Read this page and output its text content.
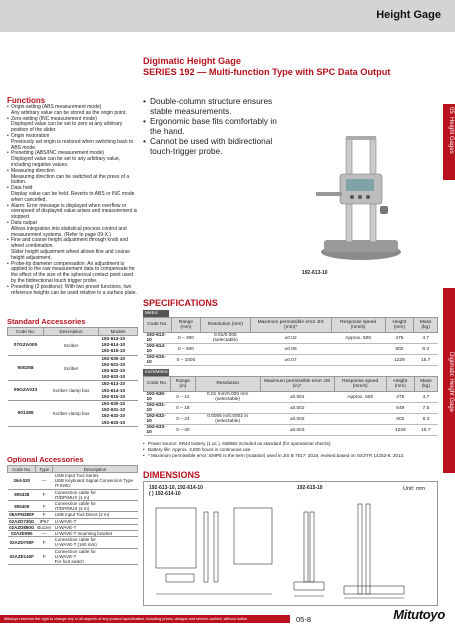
Height Gage
05

Height Gages
Digimatic Height Gage
Digimatic Height Gage
SERIES 192 — Multi-function Type with SPC Data Output
• Double-column structure ensures stable measurements.
• Ergonomic base fits comfortably in the hand.
• Cannot be used with bidirectional touch-trigger probe.
Functions
• Origin-setting (ABS measurement mode)
Any arbitrary value can be stored as the origin point.
• Zero-setting (INC measurement mode)
Displayed value can be set to zero at any arbitrary position of the slider.
• Origin restoration
Previously set origin is restored when switching back to ABS mode.
• Presetting (ABS/INC measurement mode)
Displayed value can be set to any arbitrary value, including negative values.
• Measuring direction
Measuring direction can be switched at the press of a button.
• Data hold
Display value can be held. Reverts to ABS or INC mode when cancelled.
• Alarm: Error message is displayed when overflow or overspeed of displayed value arises and measurement is stopped.
• Data output
Allows integration into statistical process control and measurement systems. (Refer to page 09-X.)
• Fine and coarse height adjustment through knob and wheel combination.
Slider height adjustment wheel allows fine and coarse height adjustment.
• Probe-tip diameter compensation: An adjustment is applied to the raw measurement data to compensate for the effect of the size of the spherical contact point used by the bidirectional touch trigger probe.
• Presetting (2 positions): With two preset functions, two reference heights can be used relative to a surface plate.
192-613-10
Standard Accessories
Code No.	Description	Models
07GZA000	Scriber	192-613-10
192-614-10
192-615-10

900258	Scriber	192-630-10
192-631-10
192-632-10
192-633-10

05GZA033	Scriber clamp box	192-613-10
192-614-10
192-615-10

901385	Scriber clamp box	192-630-10
192-631-10
192-632-10
192-633-10
Optional Accessories
Code No.	Type	Description
264-020	—	USB Input Tool Series
USB Keyboard Signal Conversion Type
IT-020U

905338	F	Connection cable for
IT/DP/MUX (1 m)

905409	F	Connection cable for
IT/DP/MUX (2 m)

06AFM380F	F	USB Input Tool Direct (2 m)

02AZD730G	IP67	U-WAVE-T

02AZD880G	Buzzer	U-WAVE-T

02AZE990	—	U-WAVE-T mounting bracket

02AZD790F	F	Connection cable for
U-WAVE-T (160 mm)

02AZE140F	F	Connection cable for
U-WAVE-T
For foot switch
SPECIFICATIONS
Metric
Code No.	Range (mm)	Resolution (mm)	Maximum permissible error JIS (mm)*	Response speed (mm/s)	Height (mm)	Mass (kg)
192-613-10	0 – 300	0.01/0.005 (selectable)	±0.02	Approx. 500	475	4.7
192-614-10	0 – 600		±0.05		802	8.3
192-615-10	0 – 1000		±0.07		1228	15.7
Inch/Metric
Code No.	Range (in)	Resolution	Maximum permissible error JIS (in)*	Response speed (mm/s)	Height (mm)	Mass (kg)
192-630-10	0 – 12	0.01 mm/0.005 mm (selectable)	±0.001	Approx. 500	475	4.7
192-631-10	0 – 18		±0.002		649	7.5
192-632-10	0 – 24	0.0005 in/0.0002 in (selectable)	±0.002		802	8.3
192-633-10	0 – 40		±0.003		1228	15.7
• Power source: SR44 battery (1 pc.), 938882 included as standard (for operational checks)
• Battery life: Approx. 3,500 hours in continuous use
• * Maximum permissible error: EMPE is the term (notation) used in JIS B 7517: 2018, revised based on ISO/TR 14253-6: 2012.
DIMENSIONS
192-613-10, 192-614-10
( ) 192-614-10
192-615-10	Unit: mm
Mitutoyo reserves the right to change any or all aspects of any product specification, including prices, designs and service content, without notice.	05-8	Mitutoyo
